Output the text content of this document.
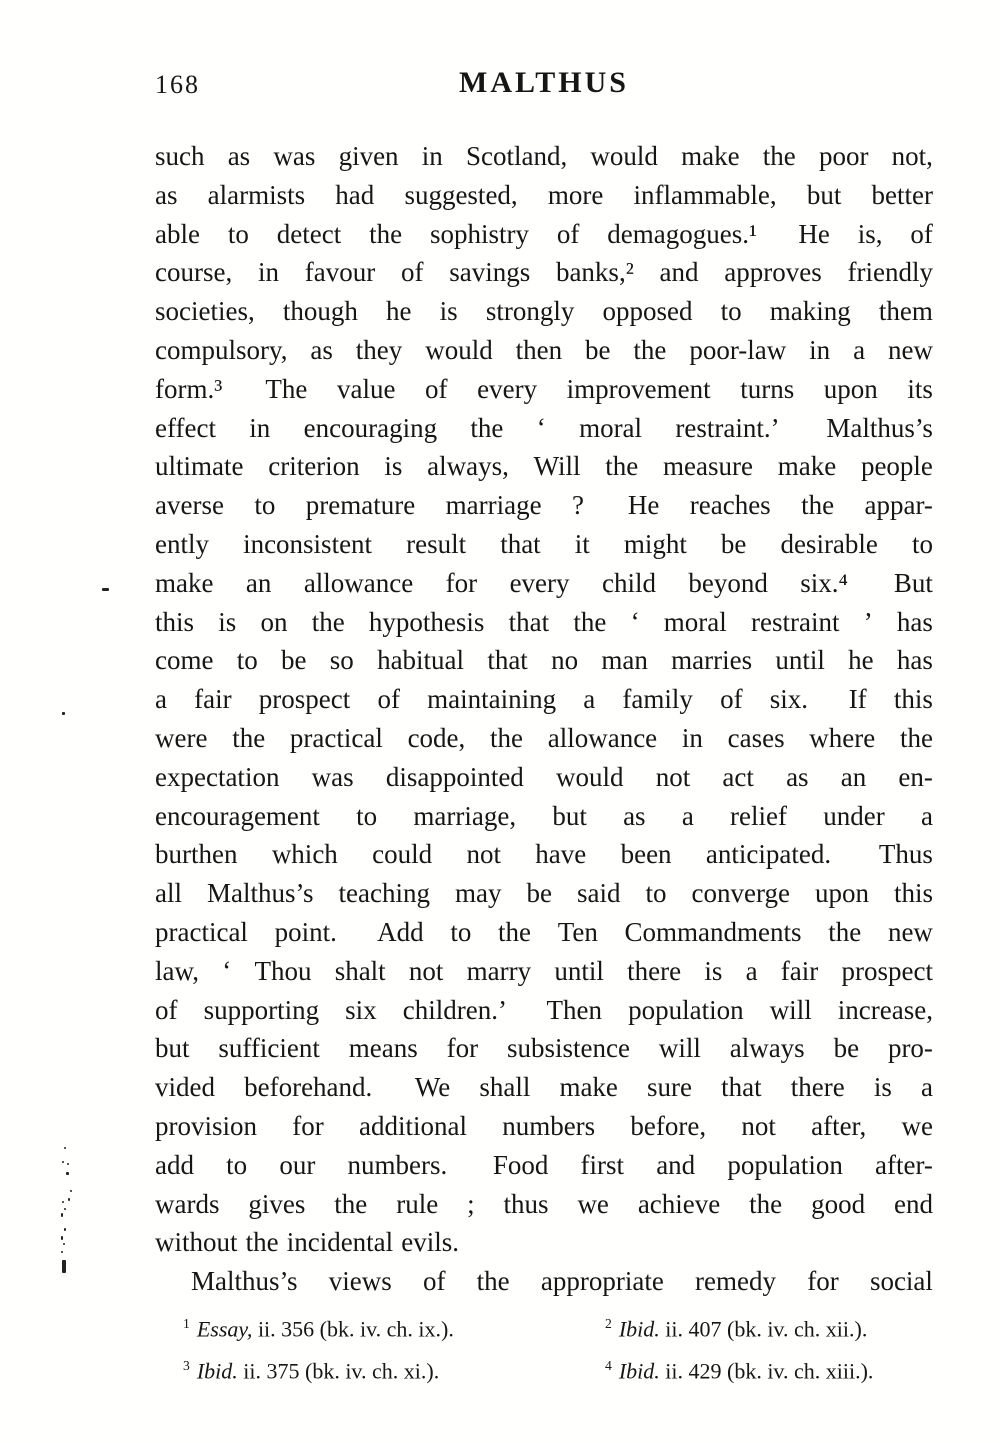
168	MALTHUS
such as was given in Scotland, would make the poor not,
as alarmists had suggested, more inflammable, but better
able to detect the sophistry of demagogues.¹  He is, of
course, in favour of savings banks,² and approves friendly
societies, though he is strongly opposed to making them
compulsory, as they would then be the poor-law in a new
form.³  The value of every improvement turns upon its
effect in encouraging the ‘ moral restraint.’  Malthus’s
ultimate criterion is always, Will the measure make people
averse to premature marriage ?  He reaches the appar-
ently inconsistent result that it might be desirable to
make an allowance for every child beyond six.⁴  But
this is on the hypothesis that the ‘ moral restraint ’ has
come to be so habitual that no man marries until he has
a fair prospect of maintaining a family of six.  If this
were the practical code, the allowance in cases where the
expectation was disappointed would not act as an en-
encouragement to marriage, but as a relief under a
burthen which could not have been anticipated.  Thus
all Malthus’s teaching may be said to converge upon this
practical point.  Add to the Ten Commandments the new
law, ‘ Thou shalt not marry until there is a fair prospect
of supporting six children.’  Then population will increase,
but sufficient means for subsistence will always be pro-
vided beforehand.  We shall make sure that there is a
provision for additional numbers before, not after, we
add to our numbers.  Food first and population after-
wards gives the rule ; thus we achieve the good end
without the incidental evils.
Malthus’s views of the appropriate remedy for social
$^1$ Essay, ii. 356 (bk. iv. ch. ix.).	$^2$ Ibid. ii. 407 (bk. iv. ch. xii.).
$^3$ Ibid. ii. 375 (bk. iv. ch. xi.).	$^4$ Ibid. ii. 429 (bk. iv. ch. xiii.).
